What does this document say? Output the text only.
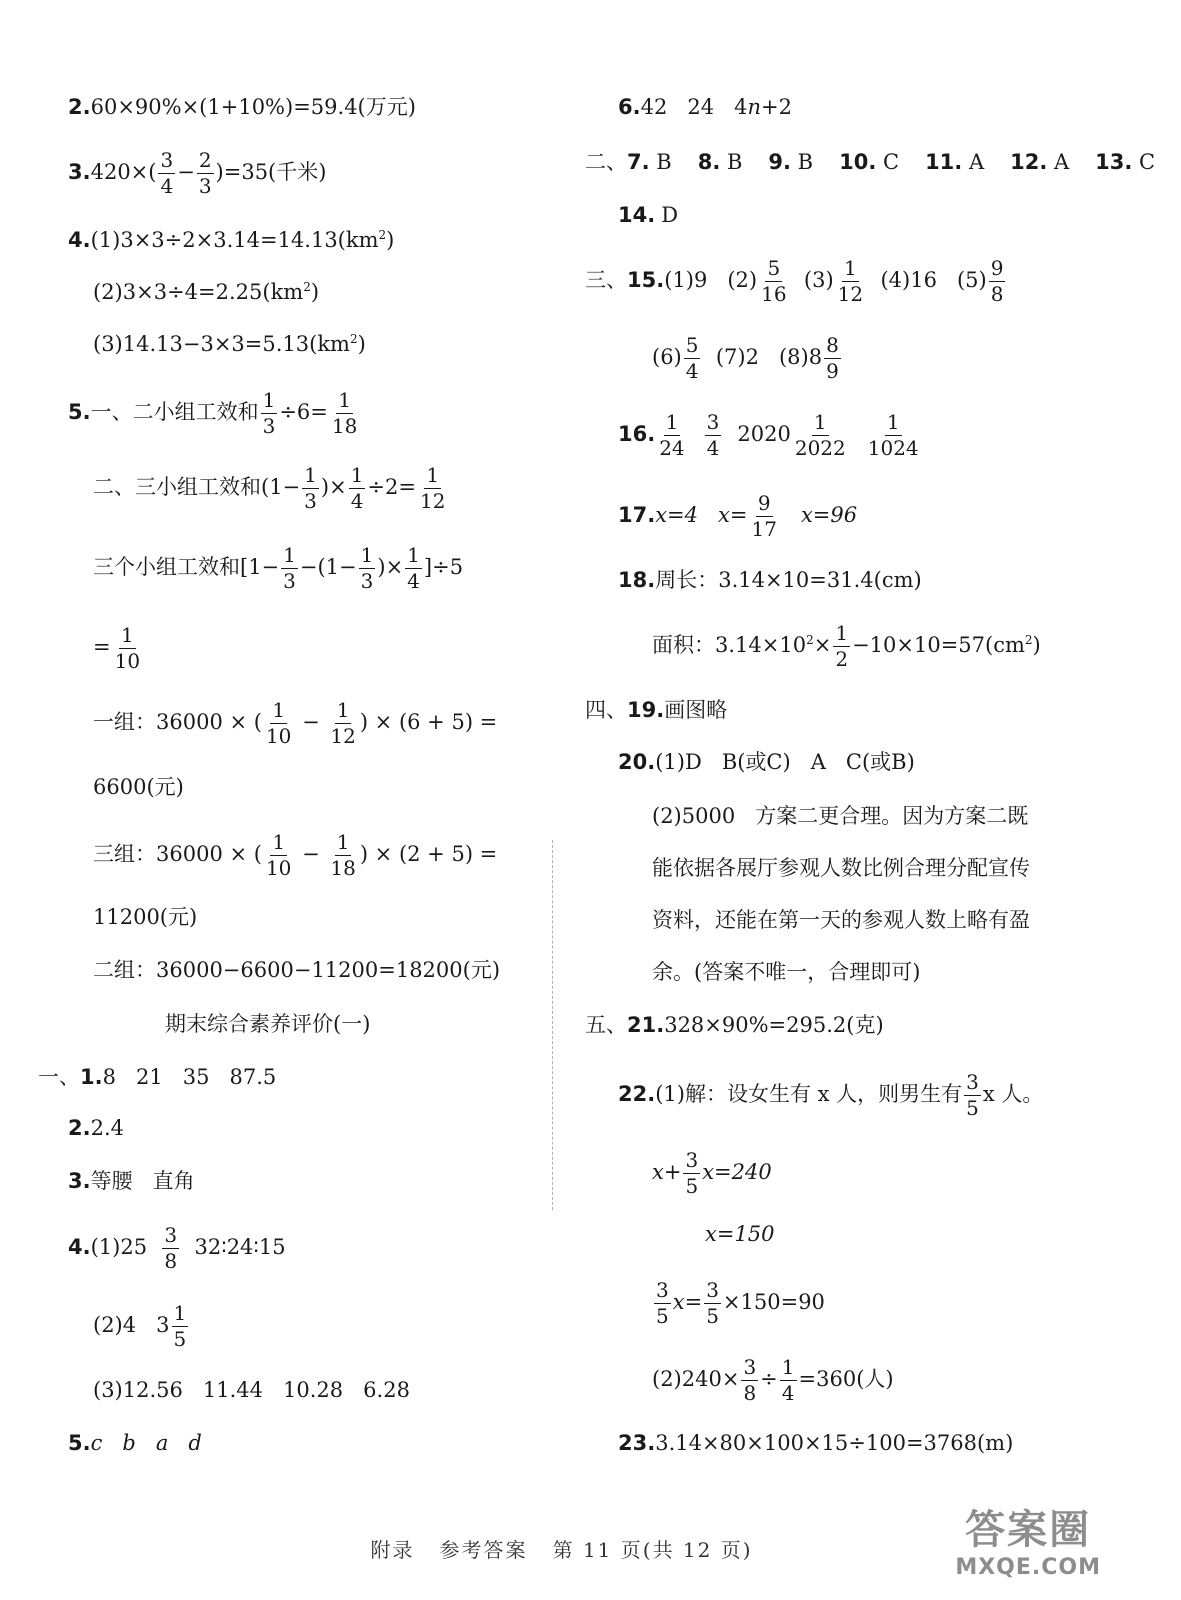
2.60×90%×(1+10%)=59.4(万元)
$3.420\times( \frac{3}{4} - \frac{2}{3} )=35$(千米)
$4.(1)3\times 3\div 2\times 3.14=14.13(km^2)$
$(2)3\times 3\div 4=2.25(km^2)$
$(3)14.13-3\times 3=5.13(km^2)$
5.一、二小组工效和 $\frac{1}{3} \div 6= \frac{1}{18}$
二、三小组工效和($1- \frac{1}{3}$ )× $\frac{1}{4} \div 2= \frac{1}{12}$
三个小组工效和[$1- \frac{1}{3} -(1- \frac{1}{3}$ )× $\frac{1}{4} ]\div 5$
= $\frac{1}{10}$
一组：36000 × ( $\frac{1}{10} - \frac{1}{12}$ ) × (6 + 5) =
6600(元)
三组：36000 × ( $\frac{1}{10} - \frac{1}{18}$ ) × (2 + 5) =
11200(元)
二组：36000−6600−11200=18200(元)
期末综合素养评价(一)
一、1.8   21   35   87.5
2.2.4
3.等腰   直角
$4.(1)25 \frac{3}{8}$ 32∶24∶15
(2)4   $3 \frac{1}{5}$
(3)12.56   11.44   10.28   6.28
5.c   b   a   d
6.42   24   4n+2
二、7. B 8. B 9. B 10. C 11. A 12. A 13. C
14. D
三、15.(1)9   $(2) \frac{5}{16} (3) \frac{1}{12} (4)16$   $(5) \frac{9}{8}$
$(6) \frac{5}{4} (7)2$   $(8)8 \frac{8}{9}$
16. $\frac{1}{24} \frac{3}{4} 2020 \frac{1}{2022} \frac{1}{1024}$
17.x=4   $x= \frac{9}{17} x=96$
18.周长：3.14×10=31.4(cm)
面积：$3.14\times 10^2\times \frac{1}{2} -10\times 10=57(cm^2)$
四、19.画图略
20.(1)D   B(或C)   A   C(或B)
(2)5000   方案二更合理。因为方案二既
能依据各展厅参观人数比例合理分配宣传
资料，还能在第一天的参观人数上略有盈
余。(答案不唯一，合理即可)
五、21.328×90%=295.2(克)
22.(1)解：设女生有 x 人，则男生有 $\frac{3}{5}$ x 人。
$x+ \frac{3}{5} x=240$
x=150
$\frac{3}{5} x= \frac{3}{5} \times 150=90$
$(2)240\times \frac{3}{8} \div \frac{1}{4} =360$(人)
23.3.14×80×100×15÷100=3768(m)
附录   参考答案   第 11 页(共 12 页)	答案圈
MXQE.COM
